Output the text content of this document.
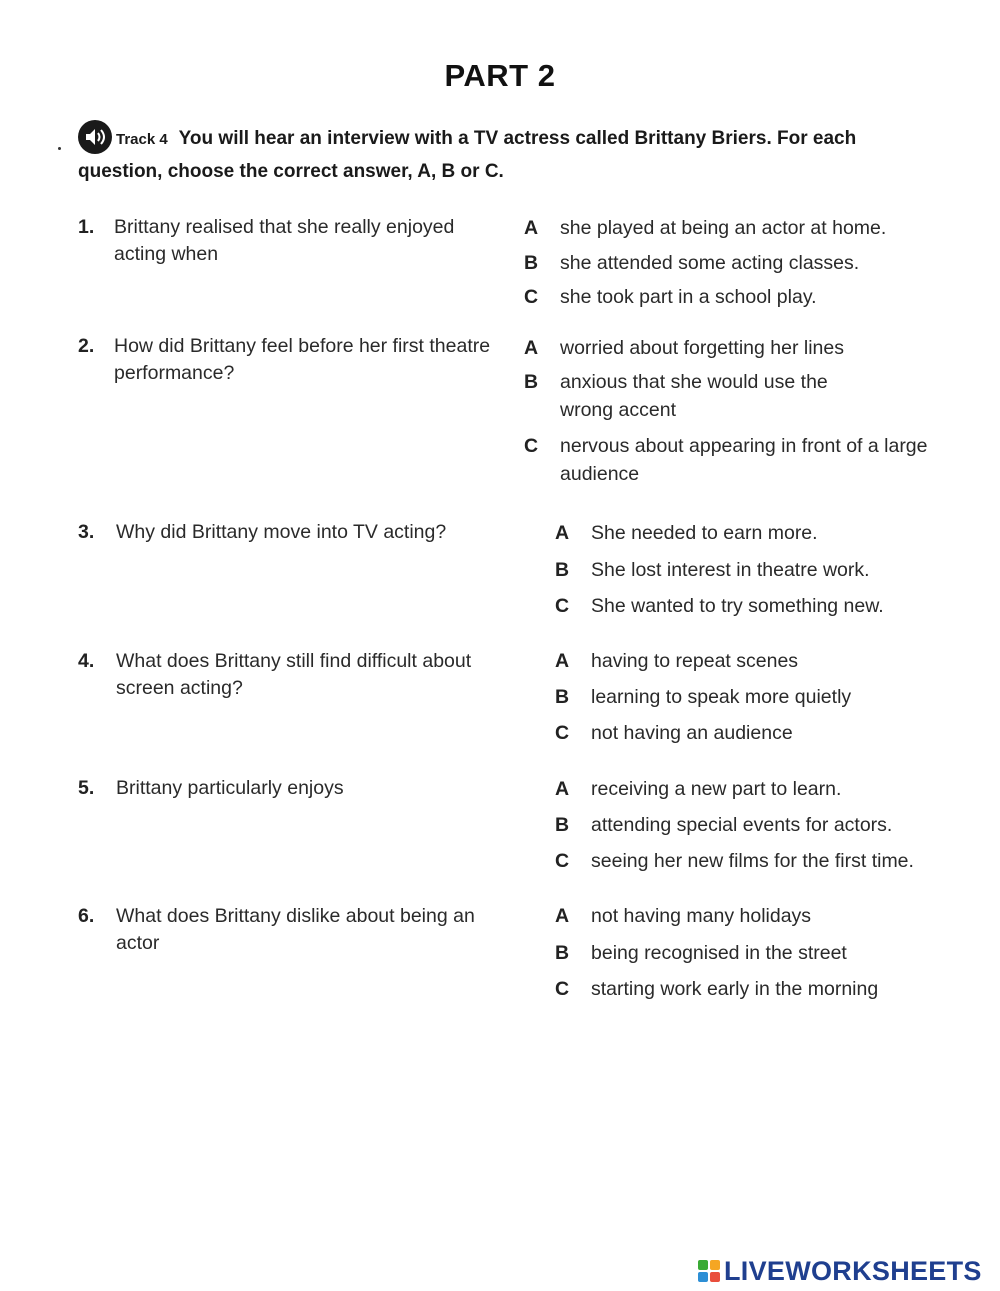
PART 2
Track 4 You will hear an interview with a TV actress called Brittany Briers. For each question, choose the correct answer, A, B or C.
1. Brittany realised that she really enjoyed acting when
A she played at being an actor at home.
B she attended some acting classes.
C she took part in a school play.
2. How did Brittany feel before her first theatre performance?
A worried about forgetting her lines
B anxious that she would use the wrong accent
C nervous about appearing in front of a large audience
3. Why did Brittany move into TV acting?	A She needed to earn more.
B She lost interest in theatre work.
C She wanted to try something new.
4. What does Brittany still find difficult about screen acting?
A having to repeat scenes
B learning to speak more quietly
C not having an audience
5. Brittany particularly enjoys	A receiving a new part to learn.
B attending special events for actors.
C seeing her new films for the first time.
6. What does Brittany dislike about being an actor
A not having many holidays
B being recognised in the street
C starting work early in the morning
LIVEWORKSHEETS
